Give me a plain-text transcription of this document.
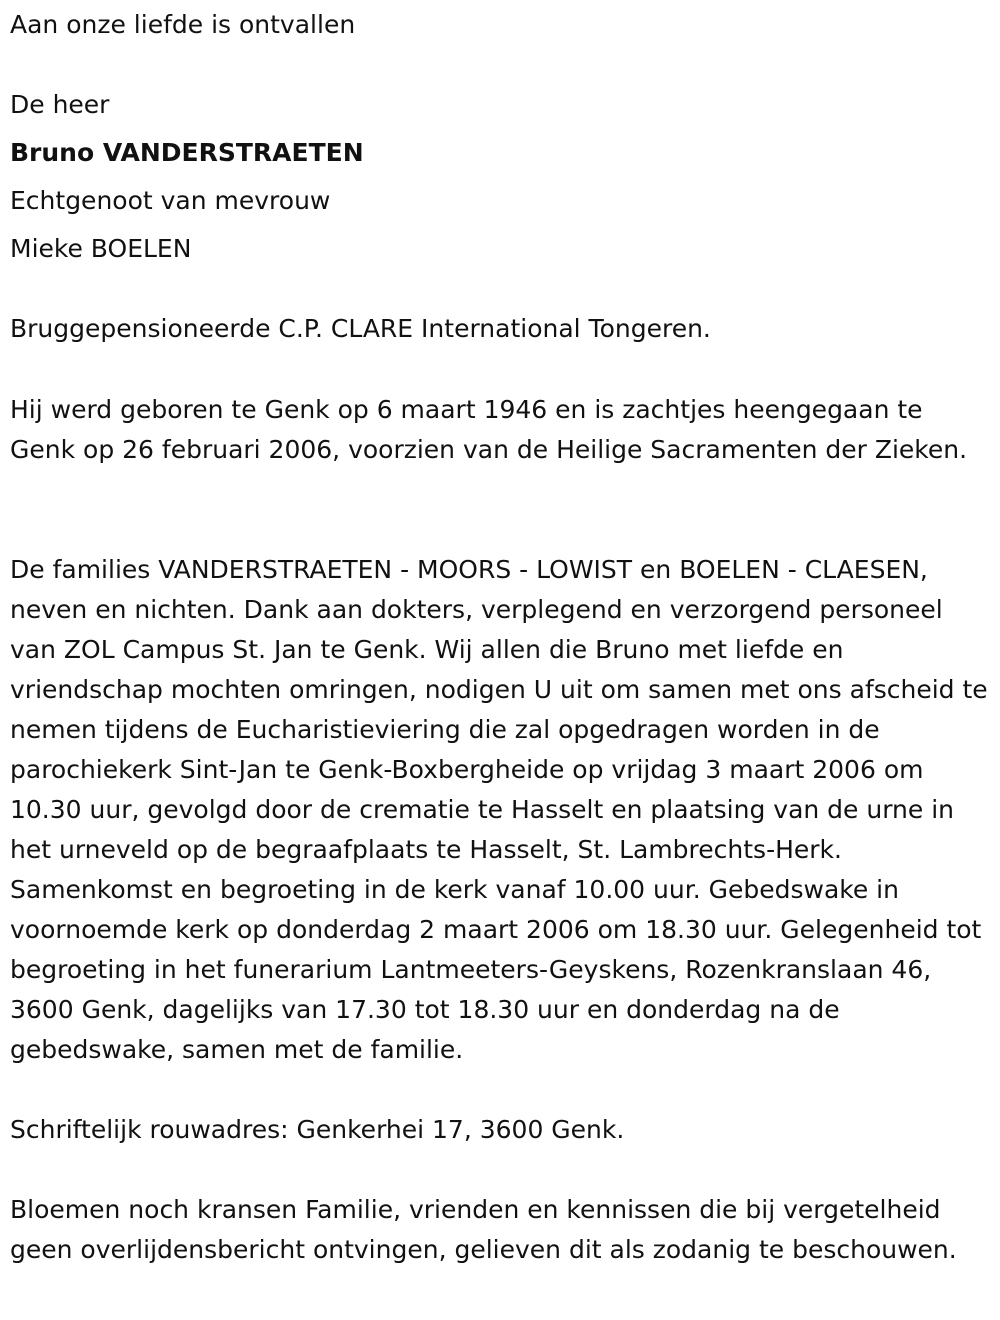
Aan onze liefde is ontvallen
De heer
Bruno VANDERSTRAETEN
Echtgenoot van mevrouw
Mieke BOELEN
Bruggepensioneerde C.P. CLARE International Tongeren.

Hij werd geboren te Genk op 6 maart 1946 en is zachtjes heengegaan te Genk op 26 februari 2006, voorzien van de Heilige Sacramenten der Zieken.

De families VANDERSTRAETEN - MOORS - LOWIST en BOELEN - CLAESEN, neven en nichten. Dank aan dokters, verplegend en verzorgend personeel van ZOL Campus St. Jan te Genk. Wij allen die Bruno met liefde en vriendschap mochten omringen, nodigen U uit om samen met ons afscheid te nemen tijdens de Eucharistieviering die zal opgedragen worden in de parochiekerk Sint-Jan te Genk-Boxbergheide op vrijdag 3 maart 2006 om 10.30 uur, gevolgd door de crematie te Hasselt en plaatsing van de urne in het urneveld op de begraafplaats te Hasselt, St. Lambrechts-Herk. Samenkomst en begroeting in de kerk vanaf 10.00 uur. Gebedswake in voornoemde kerk op donderdag 2 maart 2006 om 18.30 uur. Gelegenheid tot begroeting in het funerarium Lantmeeters-Geyskens, Rozenkranslaan 46, 3600 Genk, dagelijks van 17.30 tot 18.30 uur en donderdag na de gebedswake, samen met de familie.

Schriftelijk rouwadres: Genkerhei 17, 3600 Genk.

Bloemen noch kransen Familie, vrienden en kennissen die bij vergetelheid geen overlijdensbericht ontvingen, gelieven dit als zodanig te beschouwen.
